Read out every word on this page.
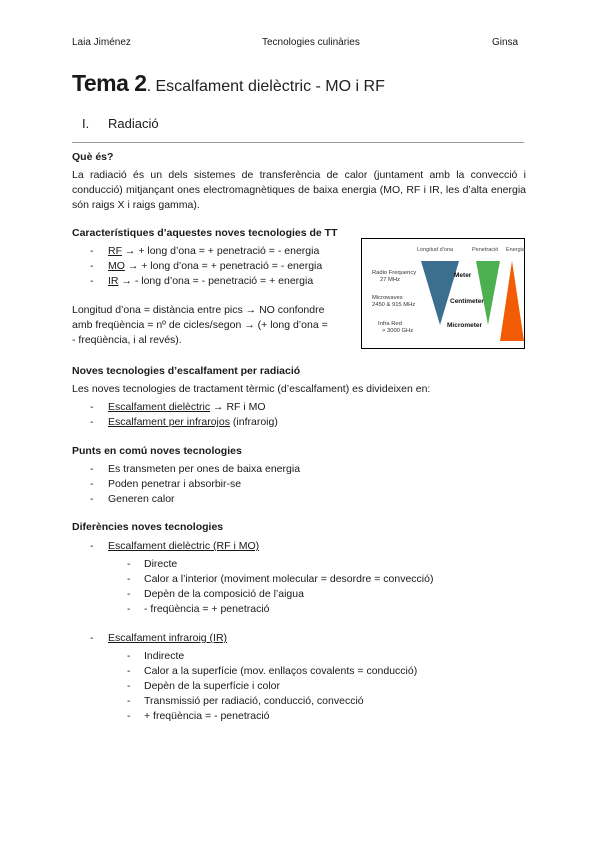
Laia Jiménez	Tecnologies culinàries	Ginsa
Tema 2. Escalfament dielèctric - MO i RF
I. Radiació
Què és?
La radiació és un dels sistemes de transferència de calor (juntament amb la convecció i conducció) mitjançant ones electromagnètiques de baixa energia (MO, RF i IR, les d’alta energia són raigs X i raigs gamma).
Característiques d’aquestes noves tecnologies de TT
- RF → + long d’ona = + penetració = - energia
- MO → + long d’ona = + penetració = - energia
- IR → - long d’ona = - penetració = + energia
Longitud d’ona = distància entre pics → NO confondre
amb freqüència = nº de cicles/segon → (+ long d’ona =
- freqüència, i al revés).
Longitud d’ona	Penetració Energia
Radio Frequency
27 MHz
Microwaves
2450 & 915 MHz
Infra Red
> 3000 GHz
Meter
Centimeter
Micrometer
Noves tecnologies d’escalfament per radiació
Les noves tecnologies de tractament tèrmic (d’escalfament) es divideixen en:
- Escalfament dielèctric → RF i MO
- Escalfament per infrarojos (infraroig)
Punts en comú noves tecnologies
- Es transmeten per ones de baixa energia
- Poden penetrar i absorbir-se
- Generen calor
Diferències noves tecnologies
- Escalfament dielèctric (RF i MO)
- Directe
- Calor a l’interior (moviment molecular = desordre = convecció)
- Depèn de la composició de l’aigua
- - freqüència = + penetració
- Escalfament infraroig (IR)
- Indirecte
- Calor a la superfície (mov. enllaços covalents = conducció)
- Depèn de la superfície i color
- Transmissió per radiació, conducció, convecció
- + freqüència = - penetració
